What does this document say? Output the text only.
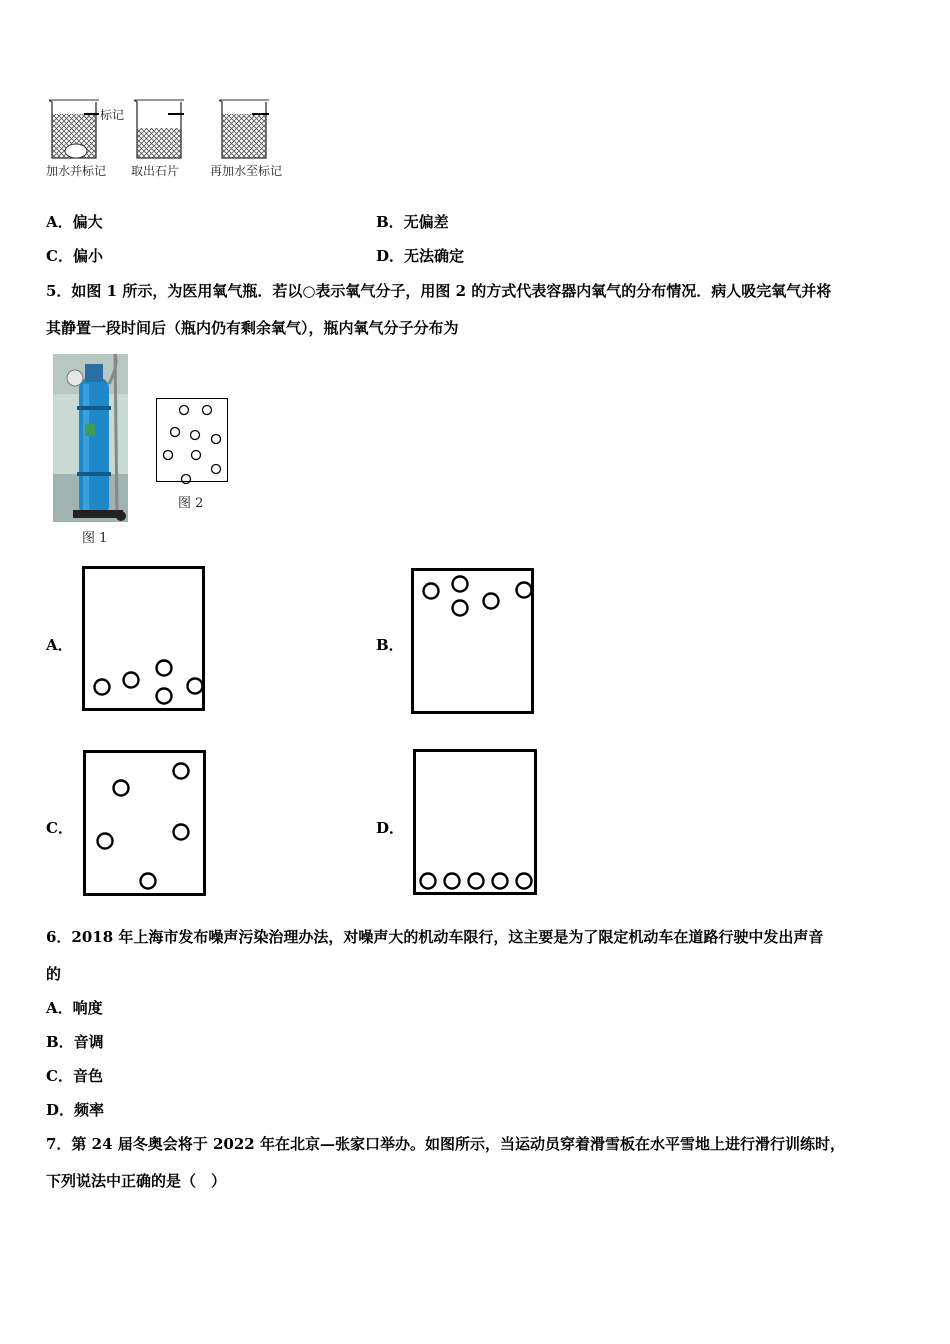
标记
加水并标记 取出石片	再加水至标记
A．偏大	B．无偏差
C．偏小	D．无法确定
5．如图 1 所示，为医用氧气瓶．若以○表示氧气分子，用图 2 的方式代表容器内氧气的分布情况．病人吸完氧气并将
其静置一段时间后（瓶内仍有剩余氧气），瓶内氧气分子分布为
图 1
图 2
A．	B．
C．	D．
6．2018 年上海市发布噪声污染治理办法，对噪声大的机动车限行，这主要是为了限定机动车在道路行驶中发出声音
的
A．响度
B．音调
C．音色
D．频率
7．第 24 届冬奥会将于 2022 年在北京—张家口举办。如图所示，当运动员穿着滑雪板在水平雪地上进行滑行训练时，
下列说法中正确的是（　）
